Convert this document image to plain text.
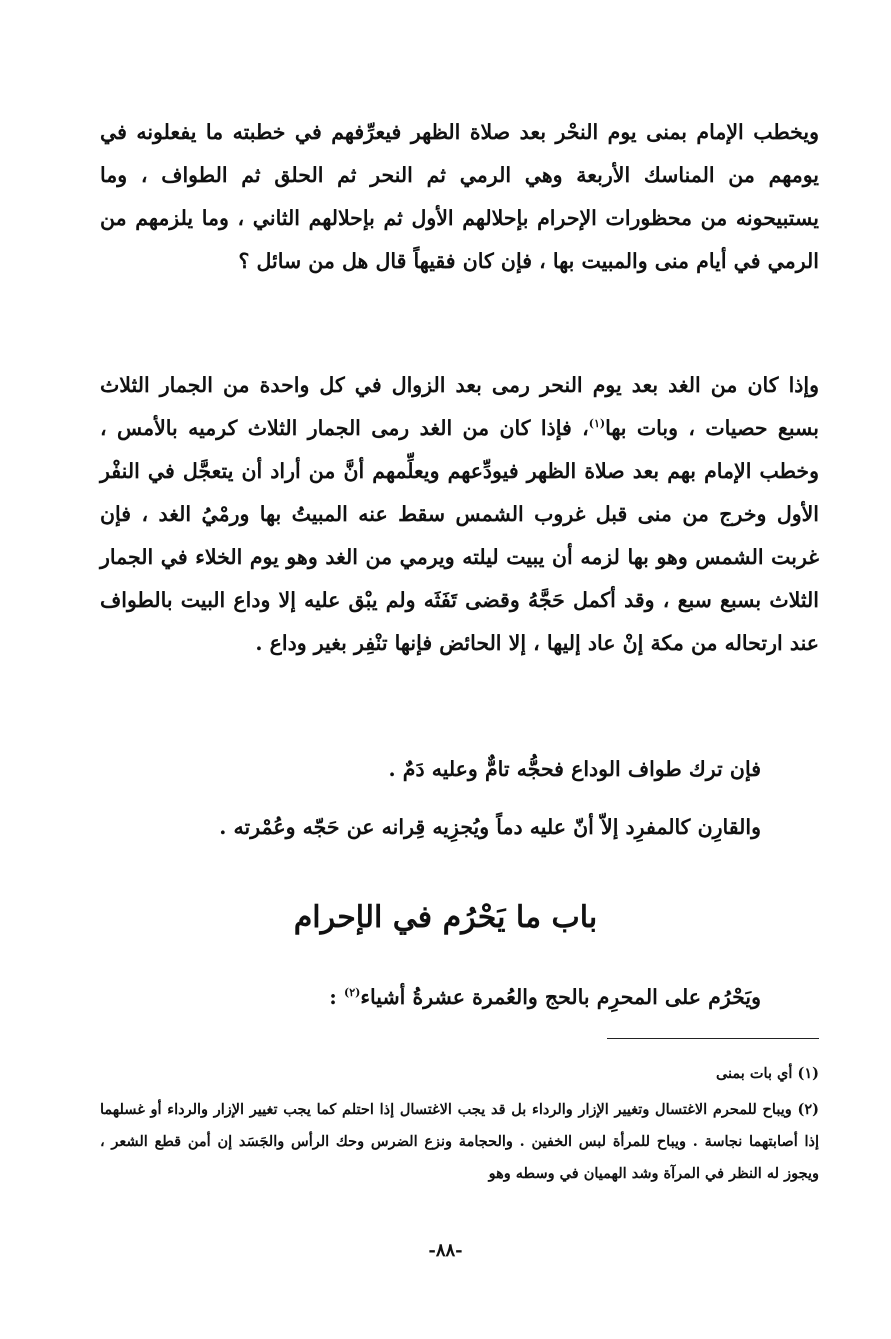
ويخطب الإمام بمنى يوم النحْر بعد صلاة الظهر فيعرِّفهم في خطبته ما يفعلونه في يومهم من المناسك الأربعة وهي الرمي ثم النحر ثم الحلق ثم الطواف ، وما يستبيحونه من محظورات الإحرام بإحلالهم الأول ثم بإحلالهم الثاني ، وما يلزمهم من الرمي في أيام منى والمبيت بها ، فإن كان فقيهاً قال هل من سائل ؟

وإذا كان من الغد بعد يوم النحر رمى بعد الزوال في كل واحدة من الجمار الثلاث بسبع حصيات ، وبات بها$^{(١)}$، فإذا كان من الغد رمى الجمار الثلاث كرميه بالأمس ، وخطب الإمام بهم بعد صلاة الظهر فيودِّعهم ويعلِّمهم أنَّ من أراد أن يتعجَّل في النفْر الأول وخرج من منى قبل غروب الشمس سقط عنه المبيتُ بها ورمْيُ الغد ، فإن غربت الشمس وهو بها لزمه أن يبيت ليلته ويرمي من الغد وهو يوم الخلاء في الجمار الثلاث بسبع سبع ، وقد أكمل حَجَّهُ وقضى تَفَثَه ولم يبْق عليه إلا وداع البيت بالطواف عند ارتحاله من مكة إنْ عاد إليها ، إلا الحائض فإنها تنْفِر بغير وداع .

فإن ترك طواف الوداع فحجُّه تامٌّ وعليه دَمٌ .

والقارِن كالمفرِد إلاّ أنّ عليه دماً ويُجزِيه قِرانه عن حَجّه وعُمْرته .

باب ما يَحْرُم في الإحرام

ويَحْرُم على المحرِم بالحج والعُمرة عشرةُ أشياء$^{(٢)}$ :

(١) أي بات بمنى

(٢) ويباح للمحرم الاغتسال وتغيير الإزار والرداء بل قد يجب الاغتسال إذا احتلم كما يجب تغيير الإزار والرداء أو غسلهما إذا أصابتهما نجاسة . ويباح للمرأة لبس الخفين . والحجامة ونزع الضرس وحك الرأس والجَسَد إن أمن قطع الشعر ، ويجوز له النظر في المرآة وشد الهميان في وسطه وهو

-٨٨-
